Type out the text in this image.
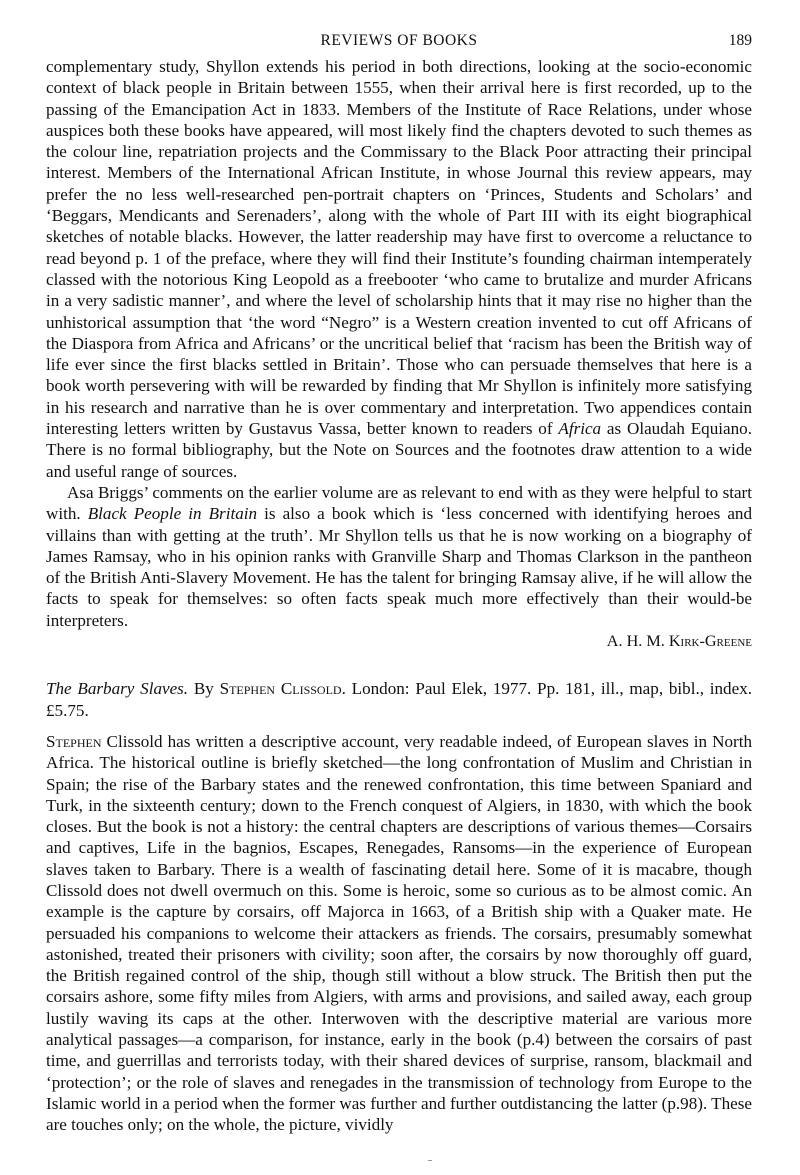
REVIEWS OF BOOKS	189

complementary study, Shyllon extends his period in both directions, looking at the socio-economic context of black people in Britain between 1555, when their arrival here is first recorded, up to the passing of the Emancipation Act in 1833. Members of the Institute of Race Relations, under whose auspices both these books have appeared, will most likely find the chapters devoted to such themes as the colour line, repatriation projects and the Commissary to the Black Poor attracting their principal interest. Members of the International African Institute, in whose Journal this review appears, may prefer the no less well-researched pen-portrait chapters on ‘Princes, Students and Scholars’ and ‘Beggars, Mendicants and Serenaders’, along with the whole of Part III with its eight biographical sketches of notable blacks. However, the latter readership may have first to overcome a reluctance to read beyond p. 1 of the preface, where they will find their Institute’s founding chairman intemperately classed with the notorious King Leopold as a freebooter ‘who came to brutalize and murder Africans in a very sadistic manner’, and where the level of scholarship hints that it may rise no higher than the unhistorical assumption that ‘the word “Negro” is a Western creation invented to cut off Africans of the Diaspora from Africa and Africans’ or the uncritical belief that ‘racism has been the British way of life ever since the first blacks settled in Britain’. Those who can persuade themselves that here is a book worth persevering with will be rewarded by finding that Mr Shyllon is infinitely more satisfying in his research and narrative than he is over commentary and interpretation. Two appendices contain interesting letters written by Gustavus Vassa, better known to readers of Africa as Olaudah Equiano. There is no formal bibliography, but the Note on Sources and the footnotes draw attention to a wide and useful range of sources.

Asa Briggs’ comments on the earlier volume are as relevant to end with as they were helpful to start with. Black People in Britain is also a book which is ‘less concerned with identifying heroes and villains than with getting at the truth’. Mr Shyllon tells us that he is now working on a biography of James Ramsay, who in his opinion ranks with Granville Sharp and Thomas Clarkson in the pantheon of the British Anti-Slavery Movement. He has the talent for bringing Ramsay alive, if he will allow the facts to speak for themselves: so often facts speak much more effectively than their would-be interpreters.

A. H. M. Kirk-Greene

The Barbary Slaves. By Stephen Clissold. London: Paul Elek, 1977. Pp. 181, ill., map, bibl., index. £5.75.

Stephen Clissold has written a descriptive account, very readable indeed, of European slaves in North Africa. The historical outline is briefly sketched—the long confrontation of Muslim and Christian in Spain; the rise of the Barbary states and the renewed confrontation, this time between Spaniard and Turk, in the sixteenth century; down to the French conquest of Algiers, in 1830, with which the book closes. But the book is not a history: the central chapters are descriptions of various themes—Corsairs and captives, Life in the bagnios, Escapes, Renegades, Ransoms—in the experience of European slaves taken to Barbary. There is a wealth of fascinating detail here. Some of it is macabre, though Clissold does not dwell overmuch on this. Some is heroic, some so curious as to be almost comic. An example is the capture by corsairs, off Majorca in 1663, of a British ship with a Quaker mate. He persuaded his companions to welcome their attackers as friends. The corsairs, presumably somewhat astonished, treated their prisoners with civility; soon after, the corsairs by now thoroughly off guard, the British regained control of the ship, though still without a blow struck. The British then put the corsairs ashore, some fifty miles from Algiers, with arms and provisions, and sailed away, each group lustily waving its caps at the other. Interwoven with the descriptive material are various more analytical passages—a comparison, for instance, early in the book (p.4) between the corsairs of past time, and guerrillas and terrorists today, with their shared devices of surprise, ransom, blackmail and ‘protection’; or the role of slaves and renegades in the transmission of technology from Europe to the Islamic world in a period when the former was further and further outdistancing the latter (p.98). These are touches only; on the whole, the picture, vividly
